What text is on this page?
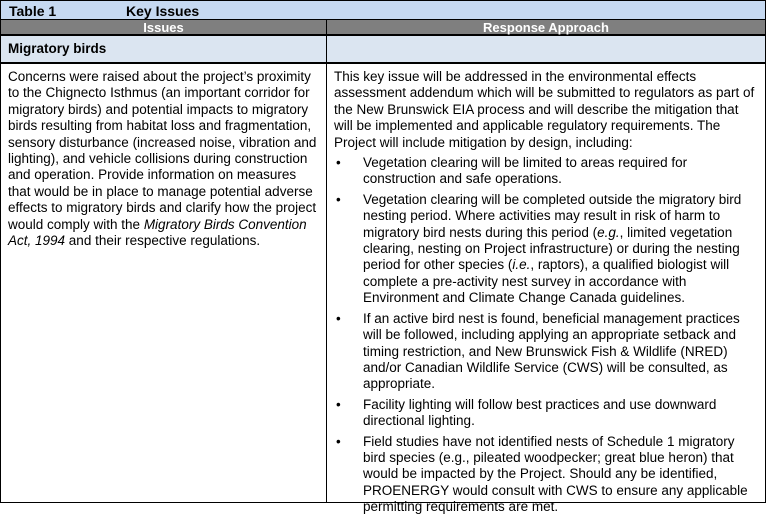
Table 1	Key Issues
Issues	Response Approach
Migratory birds

Concerns were raised about the project’s proximity to the Chignecto Isthmus (an important corridor for migratory birds) and potential impacts to migratory birds resulting from habitat loss and fragmentation, sensory disturbance (increased noise, vibration and lighting), and vehicle collisions during construction and operation. Provide information on measures that would be in place to manage potential adverse effects to migratory birds and clarify how the project would comply with the Migratory Birds Convention Act, 1994 and their respective regulations.

This key issue will be addressed in the environmental effects assessment addendum which will be submitted to regulators as part of the New Brunswick EIA process and will describe the mitigation that will be implemented and applicable regulatory requirements. The Project will include mitigation by design, including:

• Vegetation clearing will be limited to areas required for construction and safe operations.
• Vegetation clearing will be completed outside the migratory bird nesting period. Where activities may result in risk of harm to migratory bird nests during this period (e.g., limited vegetation clearing, nesting on Project infrastructure) or during the nesting period for other species (i.e., raptors), a qualified biologist will complete a pre-activity nest survey in accordance with Environment and Climate Change Canada guidelines.
• If an active bird nest is found, beneficial management practices will be followed, including applying an appropriate setback and timing restriction, and New Brunswick Fish & Wildlife (NRED) and/or Canadian Wildlife Service (CWS) will be consulted, as appropriate.
• Facility lighting will follow best practices and use downward directional lighting.
• Field studies have not identified nests of Schedule 1 migratory bird species (e.g., pileated woodpecker; great blue heron) that would be impacted by the Project. Should any be identified, PROENERGY would consult with CWS to ensure any applicable permitting requirements are met.
